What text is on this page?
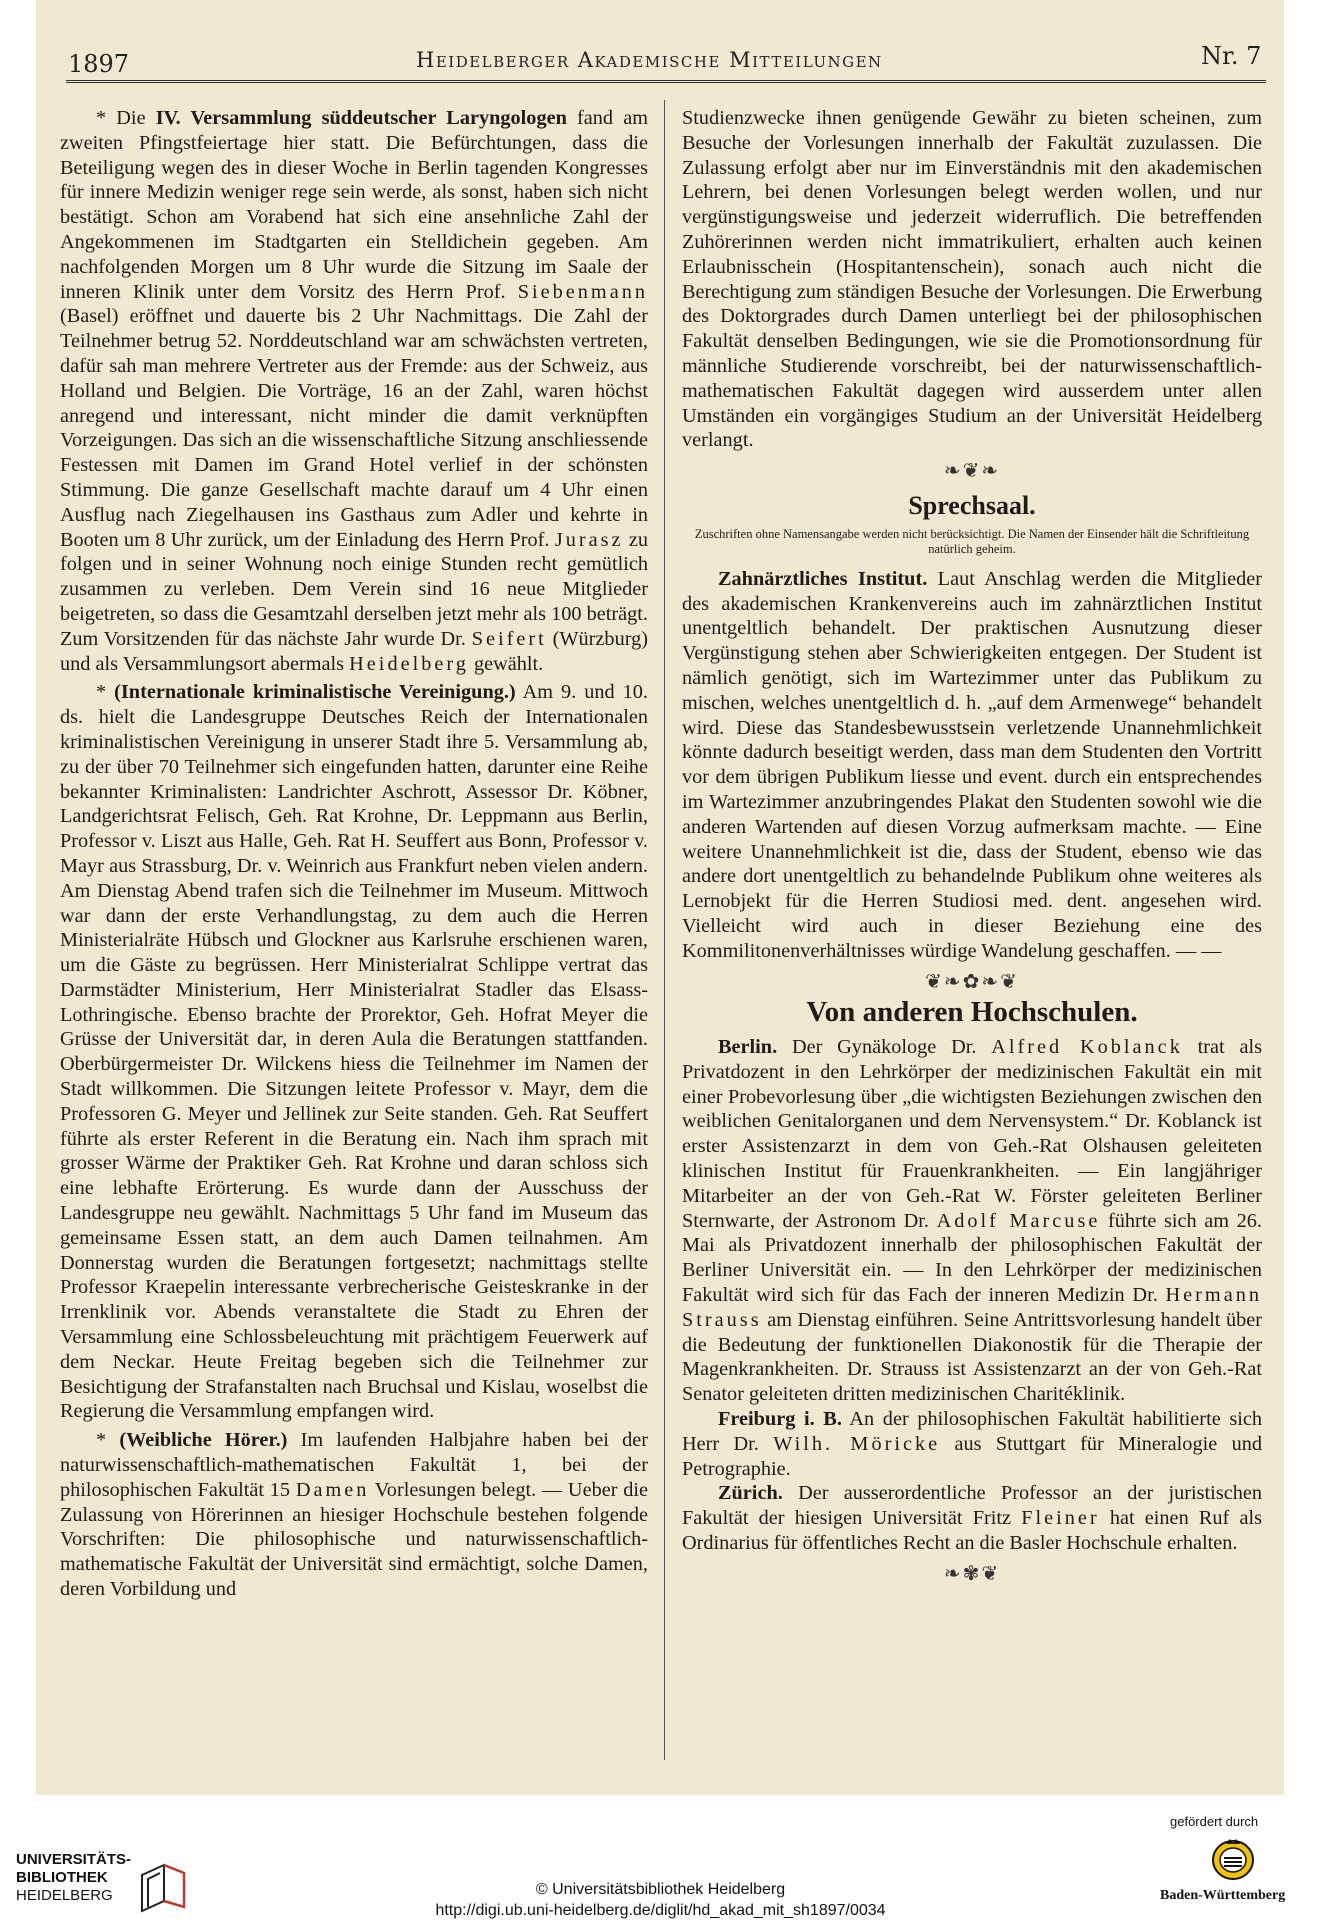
1897	Heidelberger Akademische Mitteilungen	Nr. 7

* Die IV. Versammlung süddeutscher Laryngologen fand am zweiten Pfingstfeiertage hier statt. Die Befürchtungen, dass die Beteiligung wegen des in dieser Woche in Berlin tagenden Kongresses für innere Medizin weniger rege sein werde, als sonst, haben sich nicht bestätigt. Schon am Vorabend hat sich eine ansehnliche Zahl der Angekommenen im Stadtgarten ein Stelldichein gegeben. Am nachfolgenden Morgen um 8 Uhr wurde die Sitzung im Saale der inneren Klinik unter dem Vorsitz des Herrn Prof. Siebenmann (Basel) eröffnet und dauerte bis 2 Uhr Nachmittags. Die Zahl der Teilnehmer betrug 52. Norddeutschland war am schwächsten vertreten, dafür sah man mehrere Vertreter aus der Fremde: aus der Schweiz, aus Holland und Belgien. Die Vorträge, 16 an der Zahl, waren höchst anregend und interessant, nicht minder die damit verknüpften Vorzeigungen. Das sich an die wissenschaftliche Sitzung anschliessende Festessen mit Damen im Grand Hotel verlief in der schönsten Stimmung. Die ganze Gesellschaft machte darauf um 4 Uhr einen Ausflug nach Ziegelhausen ins Gasthaus zum Adler und kehrte in Booten um 8 Uhr zurück, um der Einladung des Herrn Prof. Jurasz zu folgen und in seiner Wohnung noch einige Stunden recht gemütlich zusammen zu verleben. Dem Verein sind 16 neue Mitglieder beigetreten, so dass die Gesamtzahl derselben jetzt mehr als 100 beträgt. Zum Vorsitzenden für das nächste Jahr wurde Dr. Seifert (Würzburg) und als Versammlungsort abermals Heidelberg gewählt.

* (Internationale kriminalistische Vereinigung.) Am 9. und 10. ds. hielt die Landesgruppe Deutsches Reich der Internationalen kriminalistischen Vereinigung in unserer Stadt ihre 5. Versammlung ab, zu der über 70 Teilnehmer sich eingefunden hatten, darunter eine Reihe bekannter Kriminalisten: Landrichter Aschrott, Assessor Dr. Köbner, Landgerichtsrat Felisch, Geh. Rat Krohne, Dr. Leppmann aus Berlin, Professor v. Liszt aus Halle, Geh. Rat H. Seuffert aus Bonn, Professor v. Mayr aus Strassburg, Dr. v. Weinrich aus Frankfurt neben vielen andern. Am Dienstag Abend trafen sich die Teilnehmer im Museum. Mittwoch war dann der erste Verhandlungstag, zu dem auch die Herren Ministerialräte Hübsch und Glockner aus Karlsruhe erschienen waren, um die Gäste zu begrüssen. Herr Ministerialrat Schlippe vertrat das Darmstädter Ministerium, Herr Ministerialrat Stadler das Elsass-Lothringische. Ebenso brachte der Prorektor, Geh. Hofrat Meyer die Grüsse der Universität dar, in deren Aula die Beratungen stattfanden. Oberbürgermeister Dr. Wilckens hiess die Teilnehmer im Namen der Stadt willkommen. Die Sitzungen leitete Professor v. Mayr, dem die Professoren G. Meyer und Jellinek zur Seite standen. Geh. Rat Seuffert führte als erster Referent in die Beratung ein. Nach ihm sprach mit grosser Wärme der Praktiker Geh. Rat Krohne und daran schloss sich eine lebhafte Erörterung. Es wurde dann der Ausschuss der Landesgruppe neu gewählt. Nachmittags 5 Uhr fand im Museum das gemeinsame Essen statt, an dem auch Damen teilnahmen. Am Donnerstag wurden die Beratungen fortgesetzt; nachmittags stellte Professor Kraepelin interessante verbrecherische Geisteskranke in der Irrenklinik vor. Abends veranstaltete die Stadt zu Ehren der Versammlung eine Schlossbeleuchtung mit prächtigem Feuerwerk auf dem Neckar. Heute Freitag begeben sich die Teilnehmer zur Besichtigung der Strafanstalten nach Bruchsal und Kislau, woselbst die Regierung die Versammlung empfangen wird.

* (Weibliche Hörer.) Im laufenden Halbjahre haben bei der naturwissenschaftlich-mathematischen Fakultät 1, bei der philosophischen Fakultät 15 Damen Vorlesungen belegt. — Ueber die Zulassung von Hörerinnen an hiesiger Hochschule bestehen folgende Vorschriften: Die philosophische und naturwissenschaftlich-mathematische Fakultät der Universität sind ermächtigt, solche Damen, deren Vorbildung und

Studienzwecke ihnen genügende Gewähr zu bieten scheinen, zum Besuche der Vorlesungen innerhalb der Fakultät zuzulassen. Die Zulassung erfolgt aber nur im Einverständnis mit den akademischen Lehrern, bei denen Vorlesungen belegt werden wollen, und nur vergünstigungsweise und jederzeit widerruflich. Die betreffenden Zuhörerinnen werden nicht immatrikuliert, erhalten auch keinen Erlaubnisschein (Hospitantenschein), sonach auch nicht die Berechtigung zum ständigen Besuche der Vorlesungen. Die Erwerbung des Doktorgrades durch Damen unterliegt bei der philosophischen Fakultät denselben Bedingungen, wie sie die Promotionsordnung für männliche Studierende vorschreibt, bei der naturwissenschaftlich-mathematischen Fakultät dagegen wird ausserdem unter allen Umständen ein vorgängiges Studium an der Universität Heidelberg verlangt.

❧❦❧
Sprechsaal.
Zuschriften ohne Namensangabe werden nicht berücksichtigt. Die Namen der Einsender hält die Schriftleitung natürlich geheim.

Zahnärztliches Institut. Laut Anschlag werden die Mitglieder des akademischen Krankenvereins auch im zahnärztlichen Institut unentgeltlich behandelt. Der praktischen Ausnutzung dieser Vergünstigung stehen aber Schwierigkeiten entgegen. Der Student ist nämlich genötigt, sich im Wartezimmer unter das Publikum zu mischen, welches unentgeltlich d. h. „auf dem Armenwege“ behandelt wird. Diese das Standesbewusstsein verletzende Unannehmlichkeit könnte dadurch beseitigt werden, dass man dem Studenten den Vortritt vor dem übrigen Publikum liesse und event. durch ein entsprechendes im Wartezimmer anzubringendes Plakat den Studenten sowohl wie die anderen Wartenden auf diesen Vorzug aufmerksam machte. — Eine weitere Unannehmlichkeit ist die, dass der Student, ebenso wie das andere dort unentgeltlich zu behandelnde Publikum ohne weiteres als Lernobjekt für die Herren Studiosi med. dent. angesehen wird. Vielleicht wird auch in dieser Beziehung eine des Kommilitonenverhältnisses würdige Wandelung geschaffen. — —

❦❧✿❧❦
Von anderen Hochschulen.

Berlin. Der Gynäkologe Dr. Alfred Koblanck trat als Privatdozent in den Lehrkörper der medizinischen Fakultät ein mit einer Probevorlesung über „die wichtigsten Beziehungen zwischen den weiblichen Genitalorganen und dem Nervensystem.“ Dr. Koblanck ist erster Assistenzarzt in dem von Geh.-Rat Olshausen geleiteten klinischen Institut für Frauenkrankheiten. — Ein langjähriger Mitarbeiter an der von Geh.-Rat W. Förster geleiteten Berliner Sternwarte, der Astronom Dr. Adolf Marcuse führte sich am 26. Mai als Privatdozent innerhalb der philosophischen Fakultät der Berliner Universität ein. — In den Lehrkörper der medizinischen Fakultät wird sich für das Fach der inneren Medizin Dr. Hermann Strauss am Dienstag einführen. Seine Antrittsvorlesung handelt über die Bedeutung der funktionellen Diakonostik für die Therapie der Magenkrankheiten. Dr. Strauss ist Assistenzarzt an der von Geh.-Rat Senator geleiteten dritten medizinischen Charitéklinik.

Freiburg i. B. An der philosophischen Fakultät habilitierte sich Herr Dr. Wilh. Möricke aus Stuttgart für Mineralogie und Petrographie.

Zürich. Der ausserordentliche Professor an der juristischen Fakultät der hiesigen Universität Fritz Fleiner hat einen Ruf als Ordinarius für öffentliches Recht an die Basler Hochschule erhalten.

❧✾❦
UNIVERSITÄTS-
BIBLIOTHEK
HEIDELBERG	© Universitätsbibliothek Heidelberg
http://digi.ub.uni-heidelberg.de/diglit/hd_akad_mit_sh1897/0034
gefördert durch
Baden-Württemberg
